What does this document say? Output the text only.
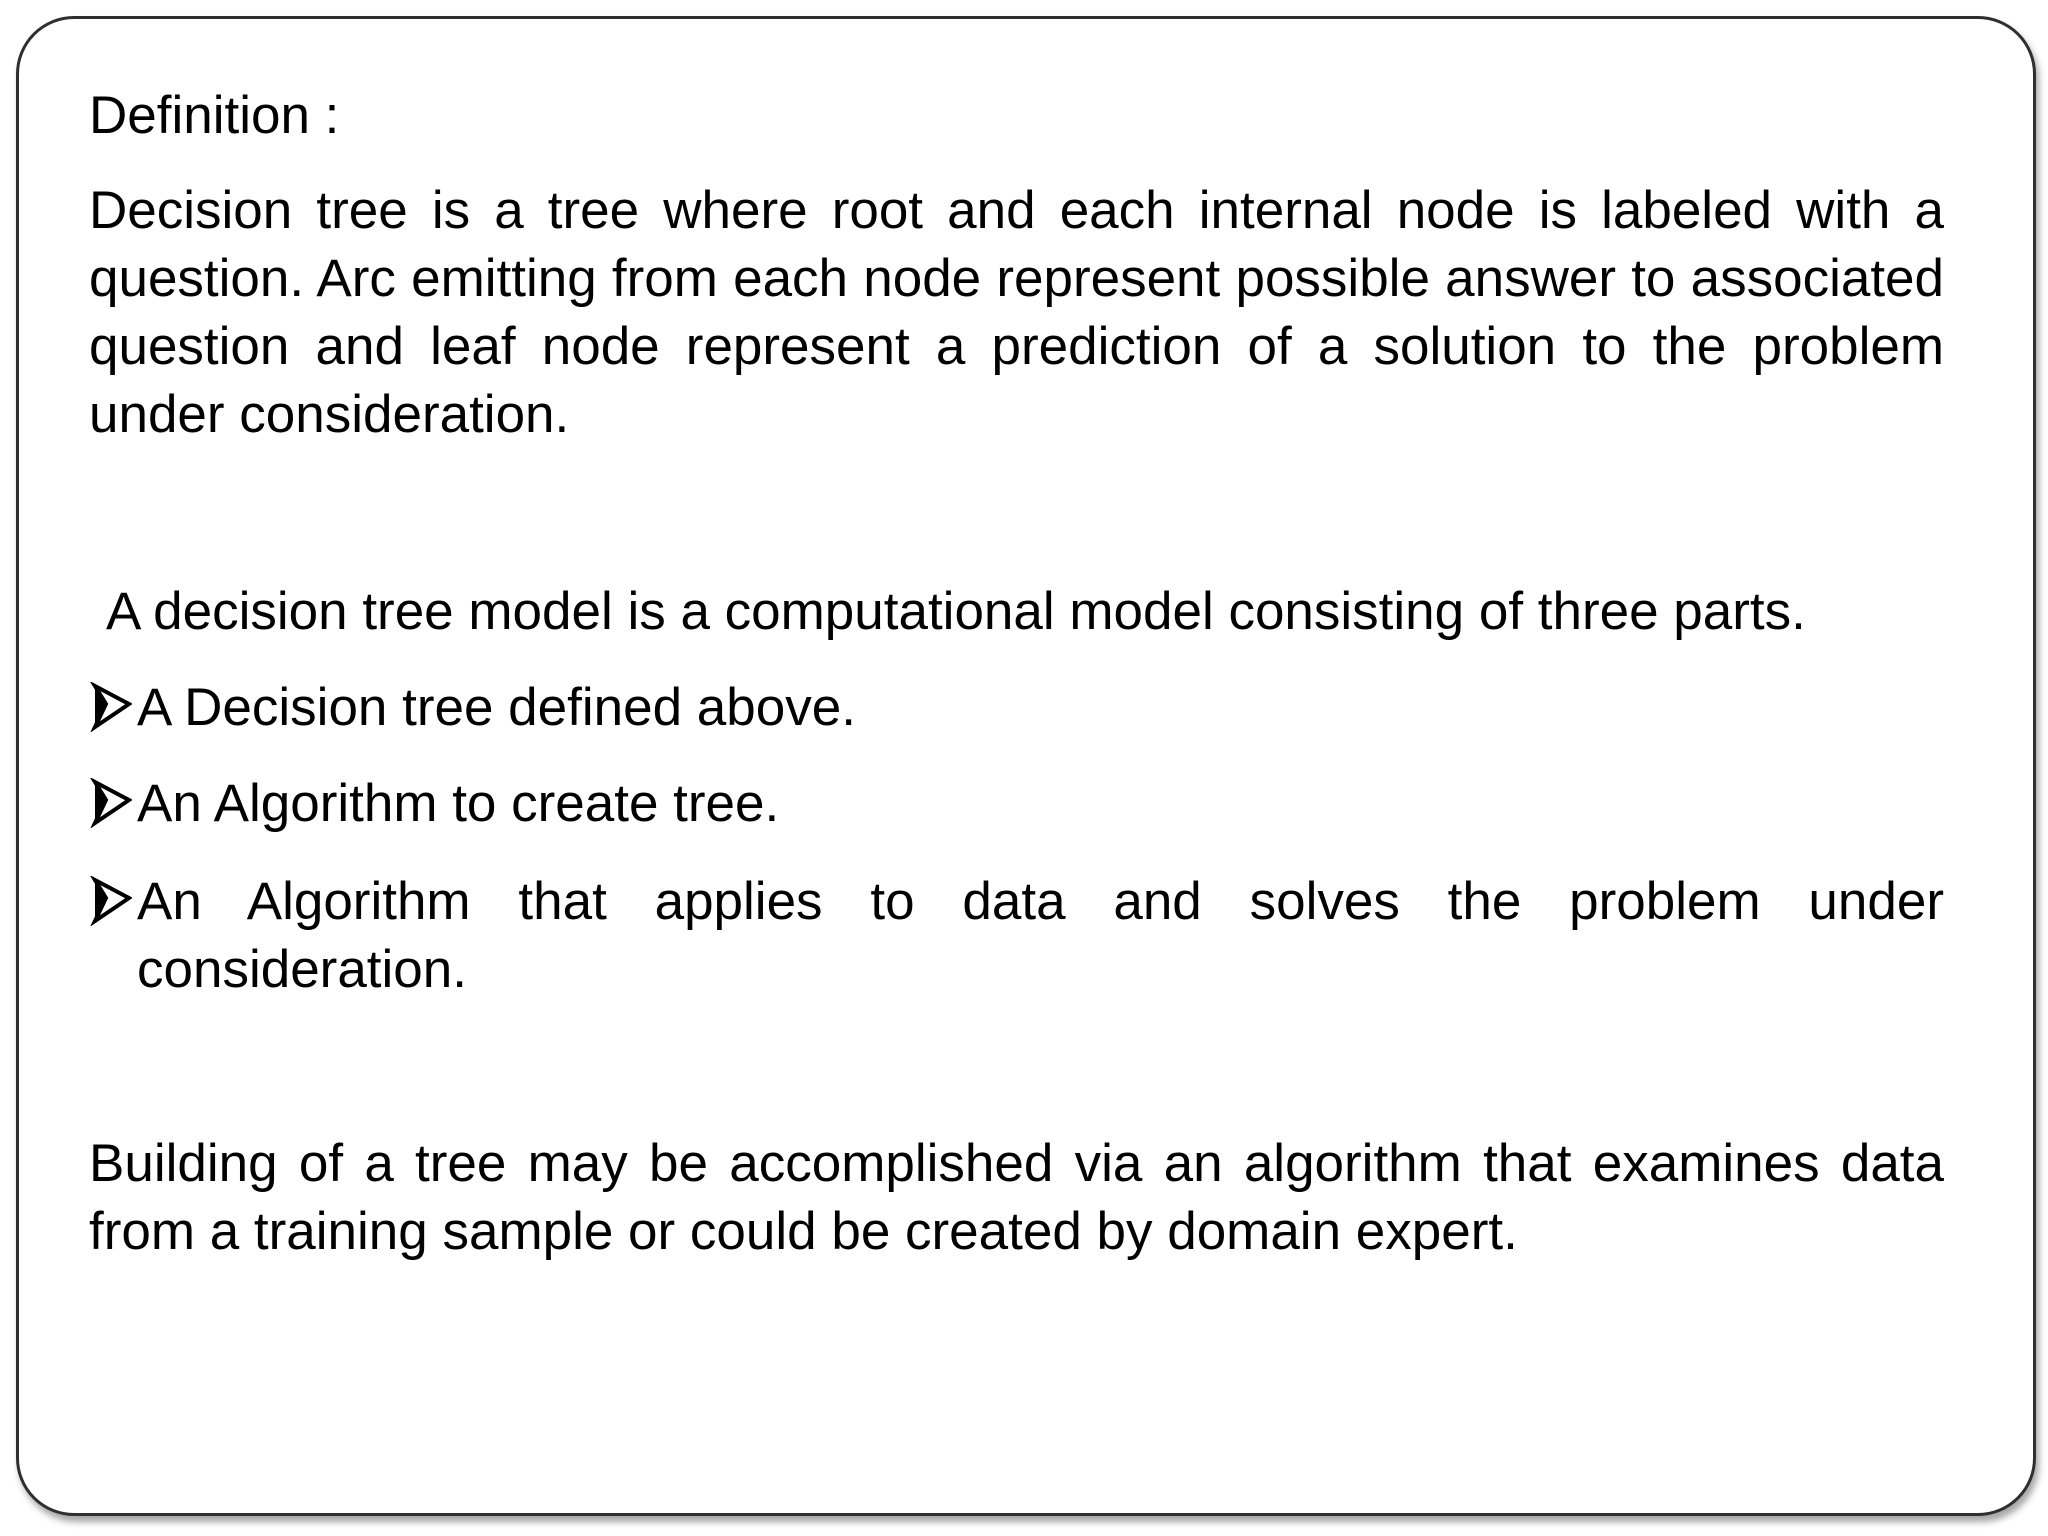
Definition :

Decision tree is a tree where root and each internal node is labeled with a question. Arc emitting from each node represent possible answer to associated question and leaf node represent a prediction of a solution to the problem under consideration.

A decision tree model is a computational model consisting of three parts.

A Decision tree defined above.
An Algorithm to create tree.
An Algorithm that applies to data and solves the problem under consideration.

Building of a tree may be accomplished via an algorithm that examines data from a training sample or could be created by domain expert.
